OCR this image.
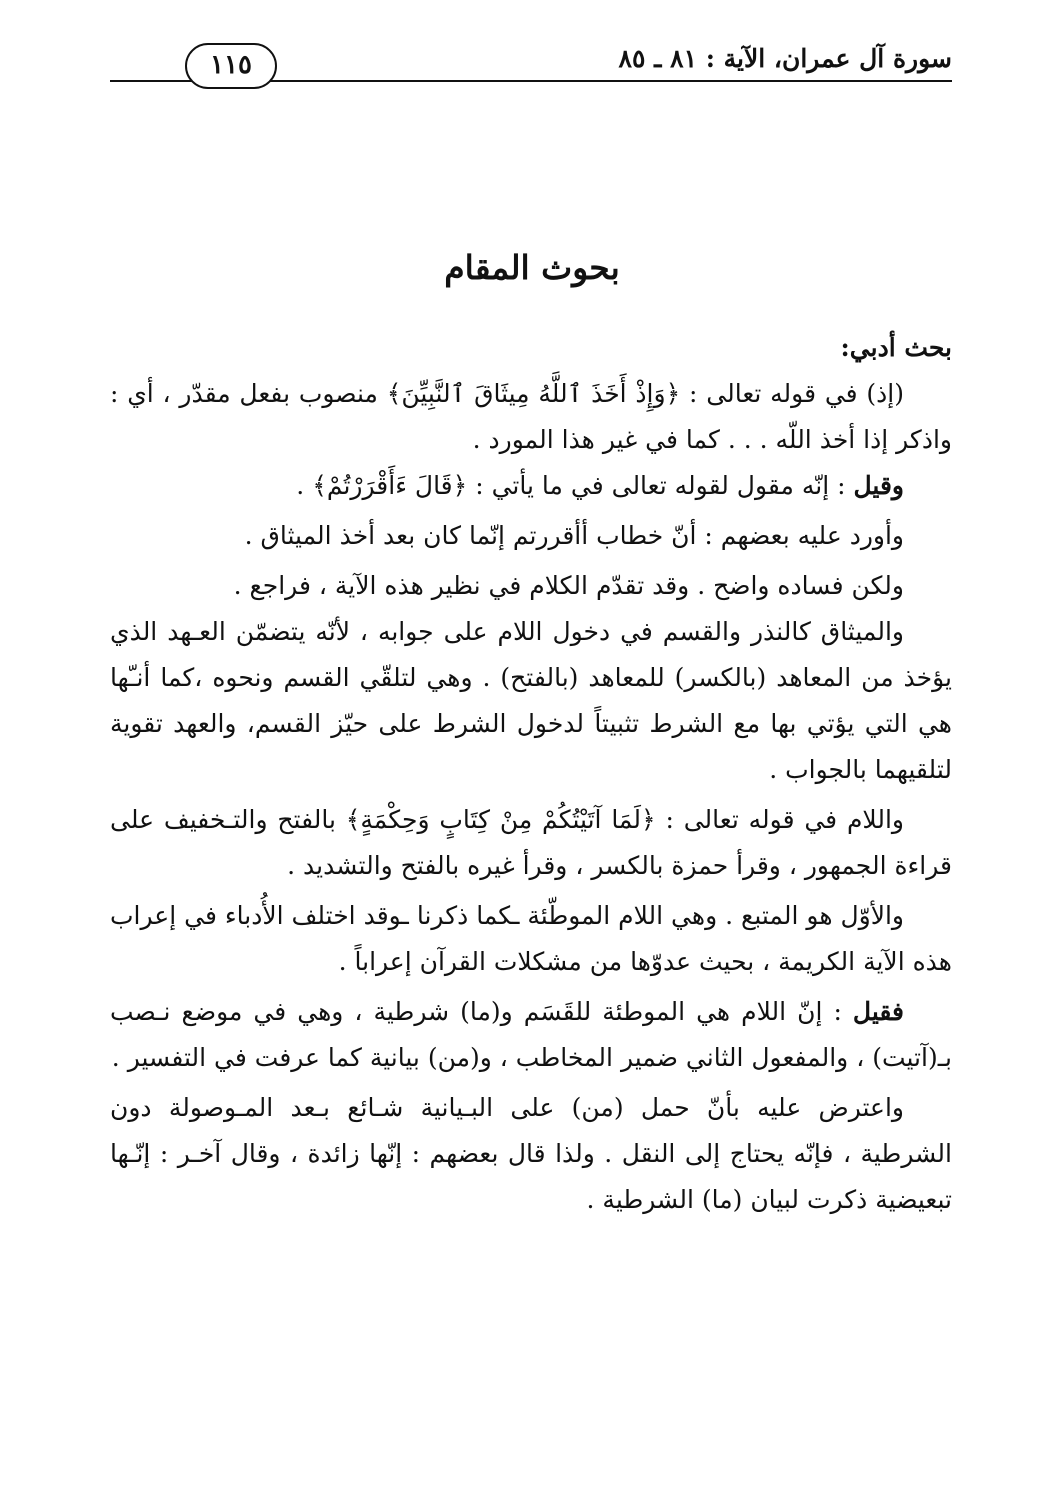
سورة آل عمران، الآية : ٨١ ـ ٨٥
١١٥
بحوث المقام

بحث أدبي:

(إذ) في قوله تعالى : ﴿وَإِذْ أَخَذَ ٱللَّهُ مِيثَاقَ ٱلنَّبِيِّنَ﴾ منصوب بفعل مقدّر ، أي : واذكر إذا أخذ اللّه . . . كما في غير هذا المورد .

وقيل : إنّه مقول لقوله تعالى في ما يأتي : ﴿قَالَ ءَأَقْرَرْتُمْ﴾ .

وأورد عليه بعضهم : أنّ خطاب أأقررتم إنّما كان بعد أخذ الميثاق .

ولكن فساده واضح . وقد تقدّم الكلام في نظير هذه الآية ، فراجع .

والميثاق كالنذر والقسم في دخول اللام على جوابه ، لأنّه يتضمّن العـهد الذي يؤخذ من المعاهد (بالكسر) للمعاهد (بالفتح) . وهي لتلقّي القسم ونحوه ،كما أنـّها هي التي يؤتي بها مع الشرط تثبيتاً لدخول الشرط على حيّز القسم، والعهد تقوية لتلقيهما بالجواب .

واللام في قوله تعالى : ﴿لَمَا آتَيْتُكُمْ مِنْ كِتَابٍ وَحِكْمَةٍ﴾ بالفتح والتـخفيف على قراءة الجمهور ، وقرأ حمزة بالكسر ، وقرأ غيره بالفتح والتشديد .

والأوّل هو المتبع . وهي اللام الموطّئة ـكما ذكرنا ـوقد اختلف الأُدباء في إعراب هذه الآية الكريمة ، بحيث عدوّها من مشكلات القرآن إعراباً .

فقيل : إنّ اللام هي الموطئة للقَسَم و(ما) شرطية ، وهي في موضع نـصب بـ(آتيت) ، والمفعول الثاني ضمير المخاطب ، و(من) بيانية كما عرفت في التفسير .

واعترض عليه بأنّ حمل (من) على البـيانية شـائع بـعد المـوصولة دون الشرطية ، فإنّه يحتاج إلى النقل . ولذا قال بعضهم : إنّها زائدة ، وقال آخـر : إنّـها تبعيضية ذكرت لبيان (ما) الشرطية .
